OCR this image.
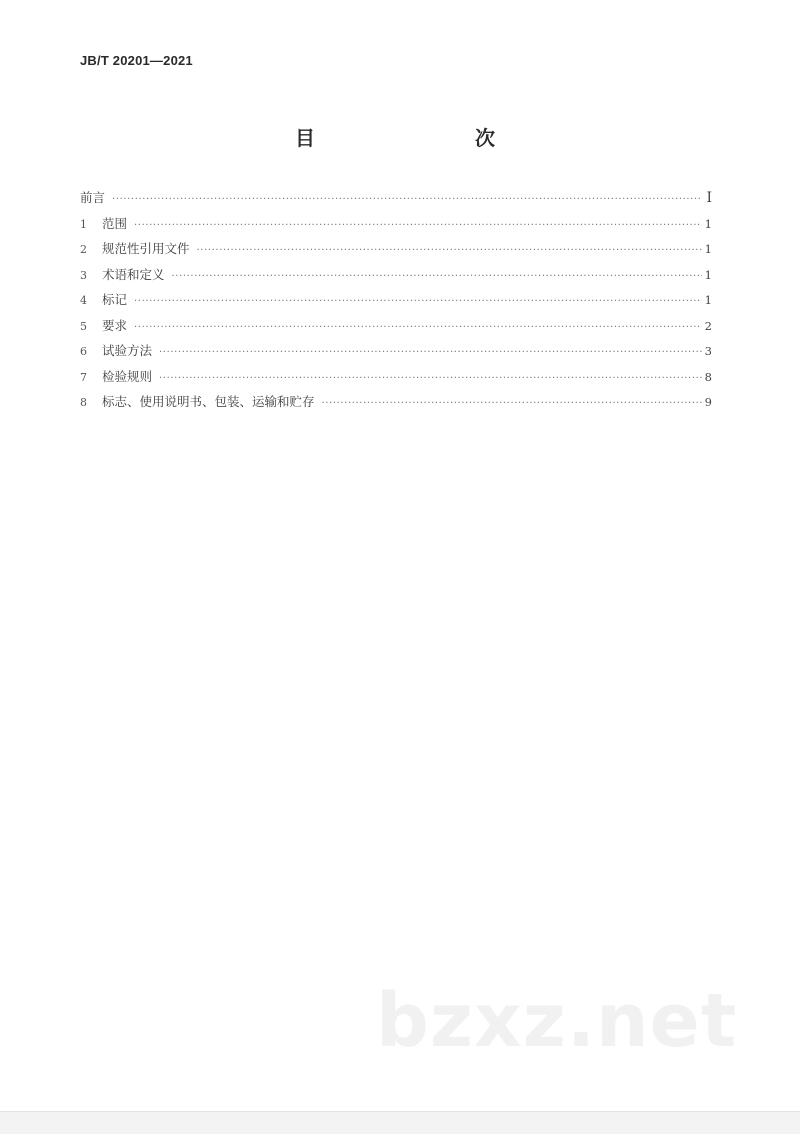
JB/T 20201—2021
目　　次
前言 ·····	Ⅰ
1	范围 ·····	1
2	规范性引用文件 ·····	1
3	术语和定义 ·····	1
4	标记 ·····	1
5	要求 ·····	2
6	试验方法 ·····	3
7	检验规则 ·····	8
8	标志、使用说明书、包装、运输和贮存 ·····	9
bzxz.net
